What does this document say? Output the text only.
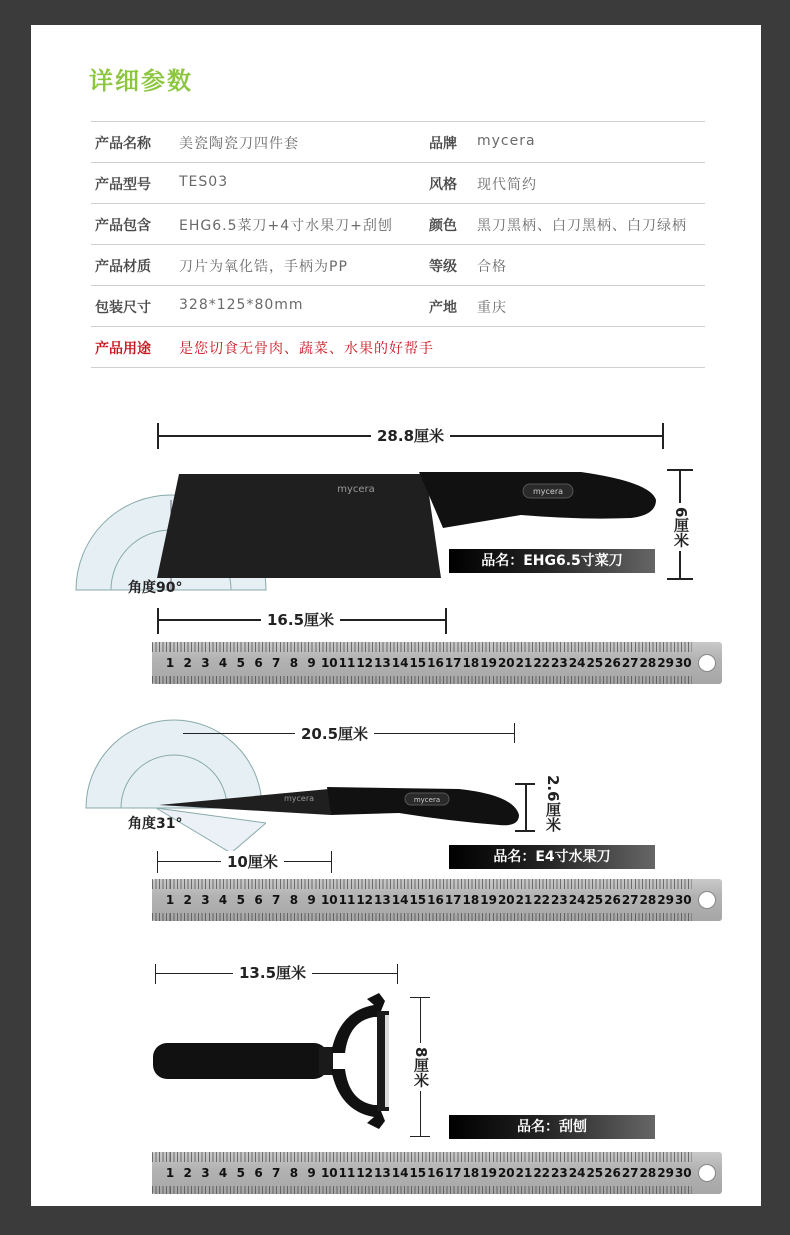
详细参数
产品名称 美瓷陶瓷刀四件套	品牌 mycera
产品型号 TES03	风格 现代简约
产品包含 EHG6.5菜刀+4寸水果刀+刮刨	颜色 黑刀黑柄、白刀黑柄、白刀绿柄
产品材质 刀片为氧化锆，手柄为PP	等级 合格
包装尺寸 328*125*80mm	产地 重庆
产品用途 是您切食无骨肉、蔬菜、水果的好帮手
28.8厘米
mycera
mycera
6厘米
品名：EHG6.5寸菜刀
角度90°
16.5厘米
mycera
mycera
20.5厘米
2.6厘米
角度31°
10厘米	品名：E4寸水果刀
13.5厘米
8厘米
品名：刮刨
1 2 3 4 5 6 7 8 9 10 11 12 13 14 15 16 17 18 19 20 21 22 23 24 25 26 27 28 29 30
1 2 3 4 5 6 7 8 9 10 11 12 13 14 15 16 17 18 19 20 21 22 23 24 25 26 27 28 29 30
1 2 3 4 5 6 7 8 9 10 11 12 13 14 15 16 17 18 19 20 21 22 23 24 25 26 27 28 29 30
